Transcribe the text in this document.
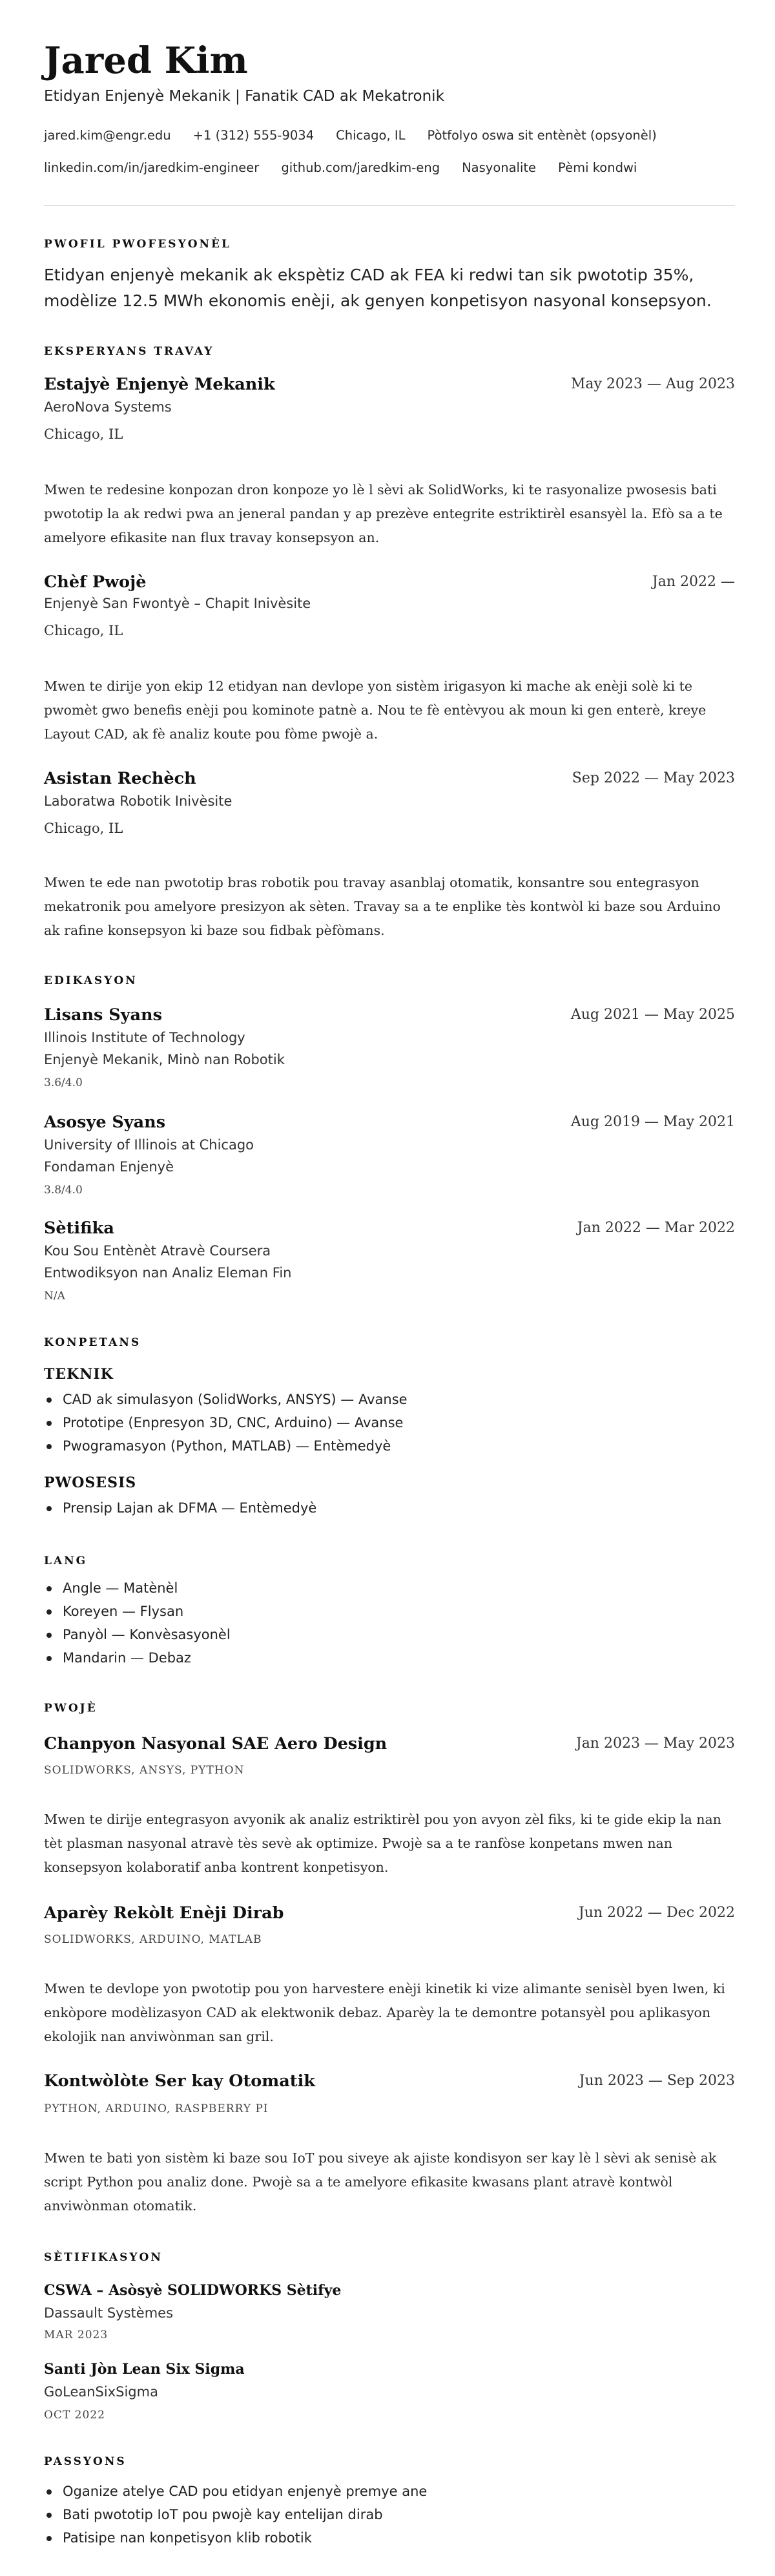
Jared Kim
Etidyan Enjenyè Mekanik | Fanatik CAD ak Mekatronik
jared.kim@engr.edu +1 (312) 555-9034 Chicago, IL Pòtfolyo oswa sit entènèt (opsyonèl)
linkedin.com/in/jaredkim-engineer github.com/jaredkim-eng Nasyonalite Pèmi kondwi
PWOFIL PWOFESYONÈL
Etidyan enjenyè mekanik ak ekspètiz CAD ak FEA ki redwi tan sik pwototip 35%, modèlize 12.5 MWh ekonomis enèji, ak genyen konpetisyon nasyonal konsepsyon.
EKSPERYANS TRAVAY
Estajyè Enjenyè Mekanik	May 2023 — Aug 2023
AeroNova Systems
Chicago, IL
Mwen te redesine konpozan dron konpoze yo lè l sèvi ak SolidWorks, ki te rasyonalize pwosesis bati pwototip la ak redwi pwa an jeneral pandan y ap prezève entegrite estriktirèl esansyèl la. Efò sa a te amelyore efikasite nan flux travay konsepsyon an.
Chèf Pwojè	Jan 2022 —
Enjenyè San Fwontyè – Chapit Inivèsite
Chicago, IL
Mwen te dirije yon ekip 12 etidyan nan devlope yon sistèm irigasyon ki mache ak enèji solè ki te pwomèt gwo benefis enèji pou kominote patnè a. Nou te fè entèvyou ak moun ki gen enterè, kreye Layout CAD, ak fè analiz koute pou fòme pwojè a.
Asistan Rechèch	Sep 2022 — May 2023
Laboratwa Robotik Inivèsite
Chicago, IL
Mwen te ede nan pwototip bras robotik pou travay asanblaj otomatik, konsantre sou entegrasyon mekatronik pou amelyore presizyon ak sèten. Travay sa a te enplike tès kontwòl ki baze sou Arduino ak rafine konsepsyon ki baze sou fidbak pèfòmans.
EDIKASYON
Lisans Syans	Aug 2021 — May 2025
Illinois Institute of Technology
Enjenyè Mekanik, Minò nan Robotik
3.6/4.0
Asosye Syans	Aug 2019 — May 2021
University of Illinois at Chicago
Fondaman Enjenyè
3.8/4.0
Sètifika	Jan 2022 — Mar 2022
Kou Sou Entènèt Atravè Coursera
Entwodiksyon nan Analiz Eleman Fin
N/A
KONPETANS
TEKNIK
CAD ak simulasyon (SolidWorks, ANSYS) — Avanse
Prototipe (Enpresyon 3D, CNC, Arduino) — Avanse
Pwogramasyon (Python, MATLAB) — Entèmedyè
PWOSESIS
Prensip Lajan ak DFMA — Entèmedyè
LANG
Angle — Matènèl
Koreyen — Flysan
Panyòl — Konvèsasyonèl
Mandarin — Debaz
PWOJÈ
Chanpyon Nasyonal SAE Aero Design	Jan 2023 — May 2023
SOLIDWORKS, ANSYS, PYTHON
Mwen te dirije entegrasyon avyonik ak analiz estriktirèl pou yon avyon zèl fiks, ki te gide ekip la nan tèt plasman nasyonal atravè tès sevè ak optimize. Pwojè sa a te ranfòse konpetans mwen nan konsepsyon kolaboratif anba kontrent konpetisyon.
Aparèy Rekòlt Enèji Dirab	Jun 2022 — Dec 2022
SOLIDWORKS, ARDUINO, MATLAB
Mwen te devlope yon pwototip pou yon harvestere enèji kinetik ki vize alimante senisèl byen lwen, ki enkòpore modèlizasyon CAD ak elektwonik debaz. Aparèy la te demontre potansyèl pou aplikasyon ekolojik nan anviwònman san gril.
Kontwòlòte Ser kay Otomatik	Jun 2023 — Sep 2023
PYTHON, ARDUINO, RASPBERRY PI
Mwen te bati yon sistèm ki baze sou IoT pou siveye ak ajiste kondisyon ser kay lè l sèvi ak senisè ak script Python pou analiz done. Pwojè sa a te amelyore efikasite kwasans plant atravè kontwòl anviwònman otomatik.
SÈTIFIKASYON
CSWA – Asòsyè SOLIDWORKS Sètifye
Dassault Systèmes
MAR 2023
Santi Jòn Lean Six Sigma
GoLeanSixSigma
OCT 2022
PASSYONS
Oganize atelye CAD pou etidyan enjenyè premye ane
Bati pwototip IoT pou pwojè kay entelijan dirab
Patisipe nan konpetisyon klib robotik
